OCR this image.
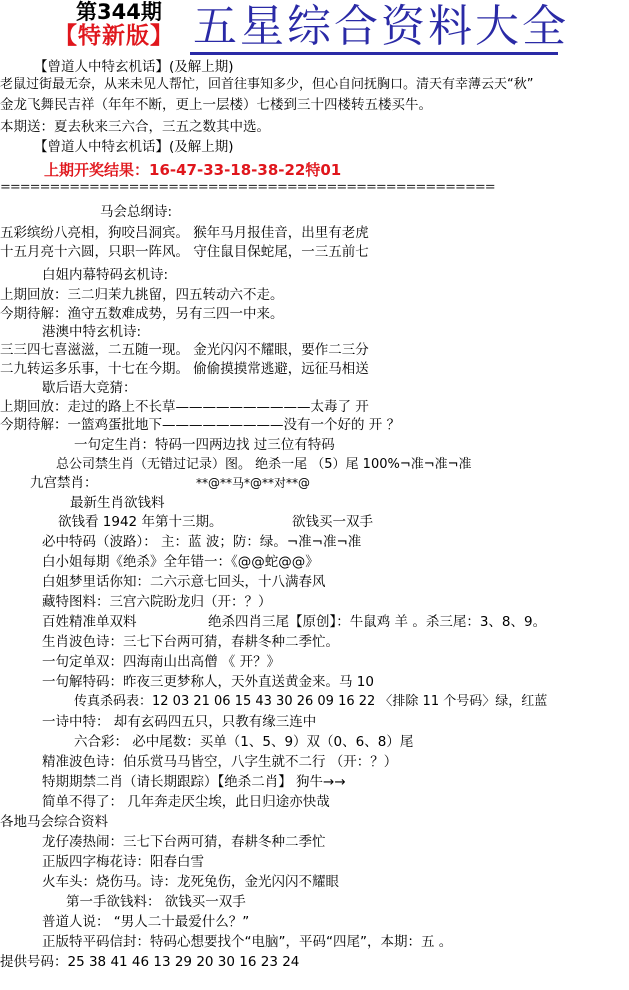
第344期
【特新版】 五星综合资料大全
【曾道人中特玄机话】(及解上期)
老鼠过街最无奈，从来未见人帮忙，回首往事知多少，但心自问抚胸口。清天有幸薄云天“秋”
金龙飞舞民吉祥（年年不断，更上一层楼）七楼到三十四楼转五楼买牛。
本期送：夏去秋来三六合，三五之数其中选。
【曾道人中特玄机话】(及解上期)
上期开奖结果：16-47-33-18-38-22特01
==================================================
马会总纲诗:
五彩缤纷八亮相，狗咬吕洞宾。 猴年马月报佳音，出里有老虎
十五月亮十六圆，只职一阵风。 守住鼠目保蛇尾，一三五前七
白姐内幕特码玄机诗:
上期回放：三二归茉九挑留，四五转动六不走。
今期待解：渔守五数难成势，另有三四一中来。
港澳中特玄机诗:
三三四七喜滋滋，二五随一现。 金光闪闪不耀眼，要作二三分
二九转运多乐事，十七在今期。 偷偷摸摸常逃避，远征马相送
歇后语大竞猜：
上期回放：走过的路上不长草——————————太毒了 开
今期待解：一篮鸡蛋批地下—————————没有一个好的 开 ？
一句定生肖：特码一四两边找 过三位有特码
总公司禁生肖（无错过记录）图。 绝杀一尾 （5）尾 100%¬准¬准¬准
九宫禁肖：	**@**马*@**对**@
最新生肖欲钱料
欲钱看 1942 年第十三期。	欲钱买一双手
必中特码（波路）： 主：蓝 波；防：绿。¬准¬准¬准
白小姐每期《绝杀》全年错一：《@@蛇@@》
白姐梦里话你知：二六示意七回头，十八满春风
藏特图料：三宫六院盼龙归（开：？）
百姓精准单双料	绝杀四肖三尾【原创】：牛鼠鸡 羊 。杀三尾：3、8、9。
生肖波色诗：三七下台两可猜，春耕冬种二季忙。
一句定单双：四海南山出高僧 《 开？》
一句解特码：昨夜三更梦称人，天外直送黄金来。马 10
传真杀码表：12 03 21 06 15 43 30 26 09 16 22 〈排除 11 个号码〉绿，红蓝
一诗中特： 却有玄码四五只，只教有缘三连中
六合彩： 必中尾数：买单（1、5、9）双（0、6、8）尾
精准波色诗：伯乐赏马马皆空，八字生就不二行 （开：？）
特期期禁二肖（请长期跟踪）【绝杀二肖】 狗牛→→
简单不得了： 几年奔走厌尘埃，此日归途亦快哉
各地马会综合资料
龙仔凑热闹：三七下台两可猜，春耕冬种二季忙
正版四字梅花诗：阳春白雪
火车头：烧伤马。诗：龙死兔伤，金光闪闪不耀眼
第一手欲钱料： 欲钱买一双手
普道人说： “男人二十最爱什么？”
正版特平码信封：特码心想要找个“电脑”，平码“四尾”，本期：五 。
提供号码：25 38 41 46 13 29 20 30 16 23 24
